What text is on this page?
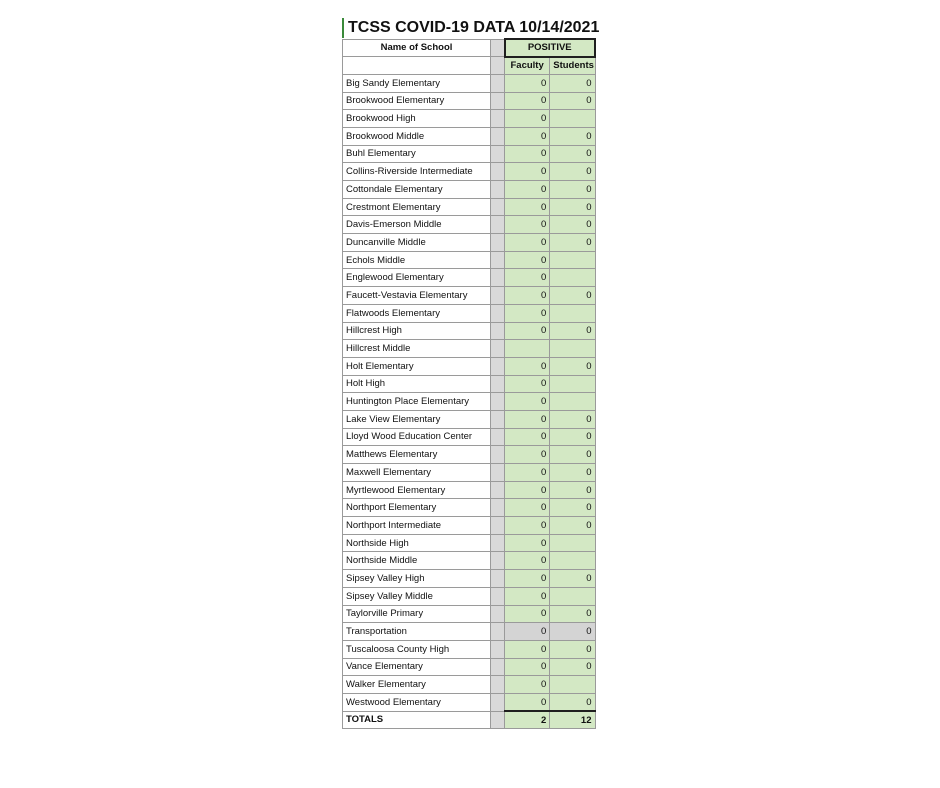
TCSS COVID-19 DATA 10/14/2021
Name of School		POSITIVE	
		Faculty	Students
Big Sandy Elementary		0	0
Brookwood Elementary		0	0
Brookwood High		0	
Brookwood Middle		0	0
Buhl Elementary		0	0
Collins-Riverside Intermediate		0	0
Cottondale Elementary		0	0
Crestmont Elementary		0	0
Davis-Emerson Middle		0	0
Duncanville Middle		0	0
Echols Middle		0	
Englewood Elementary		0	
Faucett-Vestavia Elementary		0	0
Flatwoods Elementary		0	
Hillcrest High		0	0
Hillcrest Middle			
Holt Elementary		0	0
Holt High		0	
Huntington Place Elementary		0	
Lake View Elementary		0	0
Lloyd Wood Education Center		0	0
Matthews Elementary		0	0
Maxwell Elementary		0	0
Myrtlewood Elementary		0	0
Northport Elementary		0	0
Northport Intermediate		0	0
Northside High		0	
Northside Middle		0	
Sipsey Valley High		0	0
Sipsey Valley Middle		0	
Taylorville Primary		0	0
Transportation		0	0
Tuscaloosa County High		0	0
Vance Elementary		0	0
Walker Elementary		0	
Westwood Elementary		0	0
TOTALS		2	12
